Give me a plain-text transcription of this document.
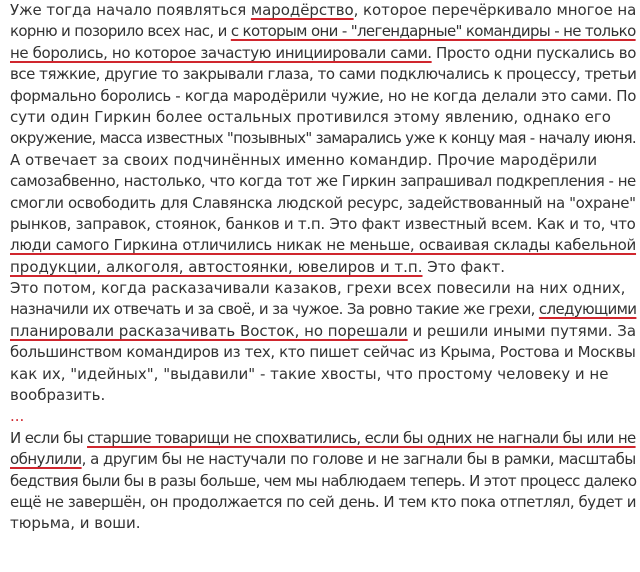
Уже тогда начало появляться мародёрство, которое перечёркивало многое на
корню и позорило всех нас, и с которым они - "легендарные" командиры - не только
не боролись, но которое зачастую инициировали сами. Просто одни пускались во
все тяжкие, другие то закрывали глаза, то сами подключались к процессу, третьи
формально боролись - когда мародёрили чужие, но не когда делали это сами. По
сути один Гиркин более остальных противился этому явлению, однако его
окружение, масса известных "позывных" замарались уже к концу мая - началу июня.
А отвечает за своих подчинённых именно командир. Прочие мародёрили
самозабвенно, настолько, что когда тот же Гиркин запрашивал подкрепления - не
смогли освободить для Славянска людской ресурс, задействованный на "охране"
рынков, заправок, стоянок, банков и т.п. Это факт известный всем. Как и то, что
люди самого Гиркина отличились никак не меньше, осваивая склады кабельной
продукции, алкоголя, автостоянки, ювелиров и т.п. Это факт.
Это потом, когда расказачивали казаков, грехи всех повесили на них одних,
назначили их отвечать и за своё, и за чужое. За ровно такие же грехи, следующими
планировали расказачивать Восток, но порешали и решили иными путями. За
большинством командиров из тех, кто пишет сейчас из Крыма, Ростова и Москвы
как их, "идейных", "выдавили" - такие хвосты, что простому человеку и не
вообразить.
...
И если бы старшие товарищи не спохватились, если бы одних не нагнали бы или не
обнулили, а другим бы не настучали по голове и не загнали бы в рамки, масштабы
бедствия были бы в разы больше, чем мы наблюдаем теперь. И этот процесс далеко
ещё не завершён, он продолжается по сей день. И тем кто пока отпетлял, будет и
тюрьма, и воши.
